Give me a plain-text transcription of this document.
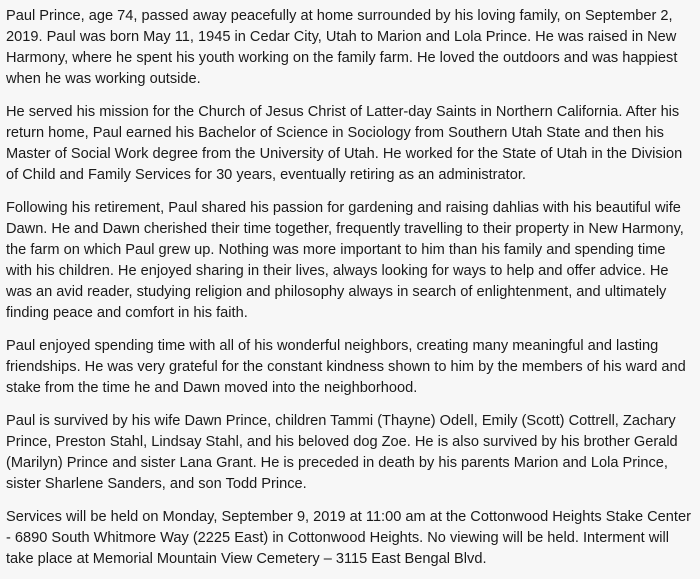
Paul Prince, age 74, passed away peacefully at home surrounded by his loving family, on September 2, 2019. Paul was born May 11, 1945 in Cedar City, Utah to Marion and Lola Prince. He was raised in New Harmony, where he spent his youth working on the family farm. He loved the outdoors and was happiest when he was working outside.

He served his mission for the Church of Jesus Christ of Latter-day Saints in Northern California. After his return home, Paul earned his Bachelor of Science in Sociology from Southern Utah State and then his Master of Social Work degree from the University of Utah. He worked for the State of Utah in the Division of Child and Family Services for 30 years, eventually retiring as an administrator.

Following his retirement, Paul shared his passion for gardening and raising dahlias with his beautiful wife Dawn. He and Dawn cherished their time together, frequently travelling to their property in New Harmony, the farm on which Paul grew up. Nothing was more important to him than his family and spending time with his children. He enjoyed sharing in their lives, always looking for ways to help and offer advice. He was an avid reader, studying religion and philosophy always in search of enlightenment, and ultimately finding peace and comfort in his faith.

Paul enjoyed spending time with all of his wonderful neighbors, creating many meaningful and lasting friendships. He was very grateful for the constant kindness shown to him by the members of his ward and stake from the time he and Dawn moved into the neighborhood.

Paul is survived by his wife Dawn Prince, children Tammi (Thayne) Odell, Emily (Scott) Cottrell, Zachary Prince, Preston Stahl, Lindsay Stahl, and his beloved dog Zoe. He is also survived by his brother Gerald (Marilyn) Prince and sister Lana Grant. He is preceded in death by his parents Marion and Lola Prince, sister Sharlene Sanders, and son Todd Prince.

Services will be held on Monday, September 9, 2019 at 11:00 am at the Cottonwood Heights Stake Center - 6890 South Whitmore Way (2225 East) in Cottonwood Heights. No viewing will be held. Interment will take place at Memorial Mountain View Cemetery – 3115 East Bengal Blvd.
